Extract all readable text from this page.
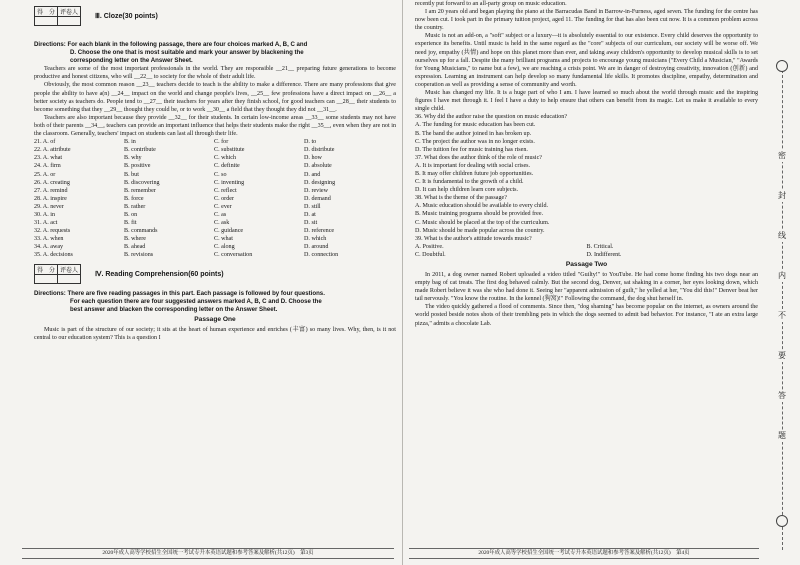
得　分	评卷人
	Ⅲ. Cloze(30 points)
Directions: For each blank in the following passage, there are four choices marked A, B, C and
D. Choose the one that is most suitable and mark your answer by blackening the
corresponding letter on the Answer Sheet.

Teachers are some of the most important professionals in the world. They are responsible __21__ preparing future generations to become productive and honest citizens, who will __22__ to society for the whole of their adult life.

Obviously, the most common reason __23__ teachers decide to teach is the ability to make a difference. There are many professions that give people the ability to have a(n) __24__ impact on the world and change people's lives, __25__ few professions have a direct impact on __26__ a better society as teachers do. People tend to __27__ their teachers for years after they finish school, for good teachers can __28__ their students to become something that they __29__ thought they could be, or to work __30__ a field that they thought they did not __31__.

Teachers are also important because they provide __32__ for their students. In certain low-income areas __33__ some students may not have both of their parents __34__, teachers can provide an important influence that helps their students make the right __35__, even when they are not in the classroom. Generally, teachers' impact on students can last all through their life.

21. A. of	B. in	C. for	D. to
22. A. attribute	B. contribute	C. substitute	D. distribute
23. A. what	B. why	C. which	D. how
24. A. firm	B. positive	C. definite	D. absolute
25. A. or	B. but	C. so	D. and
26. A. creating	B. discovering	C. inventing	D. designing
27. A. remind	B. remember	C. reflect	D. review
28. A. inspire	B. force	C. order	D. demand
29. A. never	B. rather	C. ever	D. still
30. A. in	B. on	C. as	D. at
31. A. act	B. fit	C. ask	D. sit
32. A. requests	B. commands	C. guidance	D. reference
33. A. when	B. where	C. what	D. which
34. A. away	B. ahead	C. along	D. around
35. A. decisions	B. revisions	C. conversation	D. connection
得　分	评卷人
	Ⅳ. Reading Comprehension(60 points)
Directions: There are five reading passages in this part. Each passage is followed by four questions.
For each question there are four suggested answers marked A, B, C and D. Choose the
best answer and blacken the corresponding letter on the Answer Sheet.
Passage One

Music is part of the structure of our society; it sits at the heart of human experience and enriches (丰富) so many lives. Why, then, is it not central to our education system? This is a question I

2020年成人高等学校招生全国统一考试专升本英语试题和参考答案及解析(共12页)　第3页

recently put forward to an all-party group on music education.

I am 20 years old and began playing the piano at the Barracudas Band in Barrow-in-Furness, aged seven. The funding for the centre has now been cut. I took part in the primary tuition project, aged 11. The funding for that has also been cut now. It is a common problem across the country.

Music is not an add-on, a "soft" subject or a luxury—it is absolutely essential to our existence. Every child deserves the opportunity to experience its benefits. Until music is held in the same regard as the "core" subjects of our curriculum, our society will be worse off. We need joy, empathy (共情) and hope on this planet more than ever, and taking away children's opportunity to develop musical skills is to set ourselves up for a fall. Despite the many brilliant programs and projects to encourage young musicians ("Every Child a Musician," "Awards for Young Musicians," to name but a few), we are reaching a crisis point. We are in danger of destroying creativity, innovation (创新) and expression. Learning an instrument can help develop so many fundamental life skills. It promotes discipline, empathy, determination and cooperation as well as providing a sense of community and worth.

Music has changed my life. It is a huge part of who I am. I have learned so much about the world through music and the inspiring figures I have met through it. I feel I have a duty to help ensure that others can benefit from its magic. Let us make it available to every single child.

36. Why did the author raise the question on music education?

A. The funding for music education has been cut.
B. The band the author joined in has broken up.
C. The project the author was in no longer exists.
D. The tuition fee for music training has risen.

37. What does the author think of the role of music?

A. It is important for dealing with social crises.
B. It may offer children future job opportunities.
C. It is fundamental to the growth of a child.
D. It can help children learn core subjects.

38. What is the theme of the passage?

A. Music education should be available to every child.
B. Music training programs should be provided free.
C. Music should be placed at the top of the curriculum.
D. Music should be made popular across the country.

39. What is the author's attitude towards music?

A. Positive.	B. Critical.
C. Doubtful.	D. Indifferent.
Passage Two

In 2011, a dog owner named Robert uploaded a video titled "Guilty!" to YouTube. He had come home finding his two dogs near an empty bag of cat treats. The first dog behaved calmly. But the second dog, Denver, sat shaking in a corner, her eyes looking down, which made Robert believe it was she who had done it. Seeing her "apparent admission of guilt," he yelled at her, "You did this!" Denver beat her tail nervously. "You know the routine. In the kennel (狗窝)!" Following the command, the dog shut herself in.

The video quickly gathered a flood of comments. Since then, "dog shaming" has become popular on the internet, as owners around the world posted beside notes shots of their trembling pets in which the dogs seemed to admit bad behavior. For instance, "I ate an extra large pizza," admits a chocolate Lab.

2020年成人高等学校招生全国统一考试专升本英语试题和参考答案及解析(共12页)　第4页
密
封
线
内
不
要
答
题
